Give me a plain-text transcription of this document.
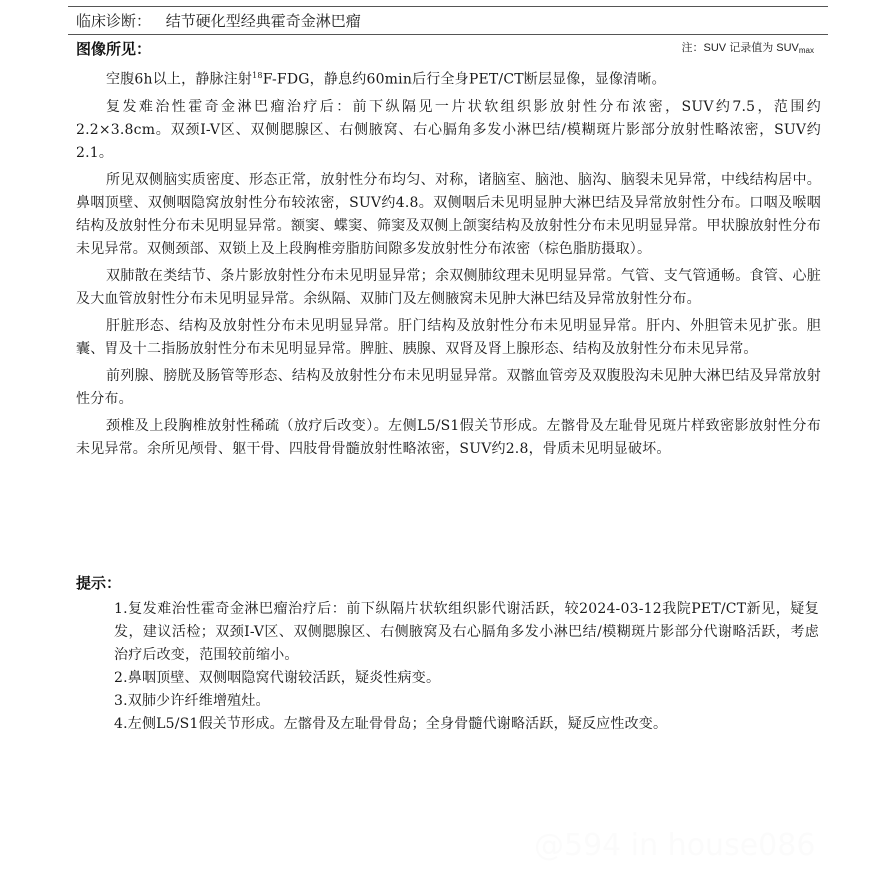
临床诊断： 结节硬化型经典霍奇金淋巴瘤
图像所见：	注：SUV 记录值为 $SUV_{max}$

空腹6h以上，静脉注射$^{18}$F-FDG，静息约60min后行全身PET/CT断层显像，显像清晰。

复发难治性霍奇金淋巴瘤治疗后：前下纵隔见一片状软组织影放射性分布浓密，SUV约7.5，范围约2.2×3.8cm。双颈I-V区、双侧腮腺区、右侧腋窝、右心膈角多发小淋巴结/模糊斑片影部分放射性略浓密，SUV约2.1。

所见双侧脑实质密度、形态正常，放射性分布均匀、对称，诸脑室、脑池、脑沟、脑裂未见异常，中线结构居中。鼻咽顶壁、双侧咽隐窝放射性分布较浓密，SUV约4.8。双侧咽后未见明显肿大淋巴结及异常放射性分布。口咽及喉咽结构及放射性分布未见明显异常。额窦、蝶窦、筛窦及双侧上颌窦结构及放射性分布未见明显异常。甲状腺放射性分布未见异常。双侧颈部、双锁上及上段胸椎旁脂肪间隙多发放射性分布浓密（棕色脂肪摄取）。

双肺散在类结节、条片影放射性分布未见明显异常；余双侧肺纹理未见明显异常。气管、支气管通畅。食管、心脏及大血管放射性分布未见明显异常。余纵隔、双肺门及左侧腋窝未见肿大淋巴结及异常放射性分布。

肝脏形态、结构及放射性分布未见明显异常。肝门结构及放射性分布未见明显异常。肝内、外胆管未见扩张。胆囊、胃及十二指肠放射性分布未见明显异常。脾脏、胰腺、双肾及肾上腺形态、结构及放射性分布未见异常。

前列腺、膀胱及肠管等形态、结构及放射性分布未见明显异常。双髂血管旁及双腹股沟未见肿大淋巴结及异常放射性分布。

颈椎及上段胸椎放射性稀疏（放疗后改变）。左侧L5/S1假关节形成。左髂骨及左耻骨见斑片样致密影放射性分布未见异常。余所见颅骨、躯干骨、四肢骨骨髓放射性略浓密，SUV约2.8，骨质未见明显破坏。

提示：

1.复发难治性霍奇金淋巴瘤治疗后：前下纵隔片状软组织影代谢活跃，较2024-03-12我院PET/CT新见，疑复发，建议活检；双颈I-V区、双侧腮腺区、右侧腋窝及右心膈角多发小淋巴结/模糊斑片影部分代谢略活跃，考虑治疗后改变，范围较前缩小。

2.鼻咽顶壁、双侧咽隐窝代谢较活跃，疑炎性病变。

3.双肺少许纤维增殖灶。

4.左侧L5/S1假关节形成。左髂骨及左耻骨骨岛；全身骨髓代谢略活跃，疑反应性改变。

@594 in house086
